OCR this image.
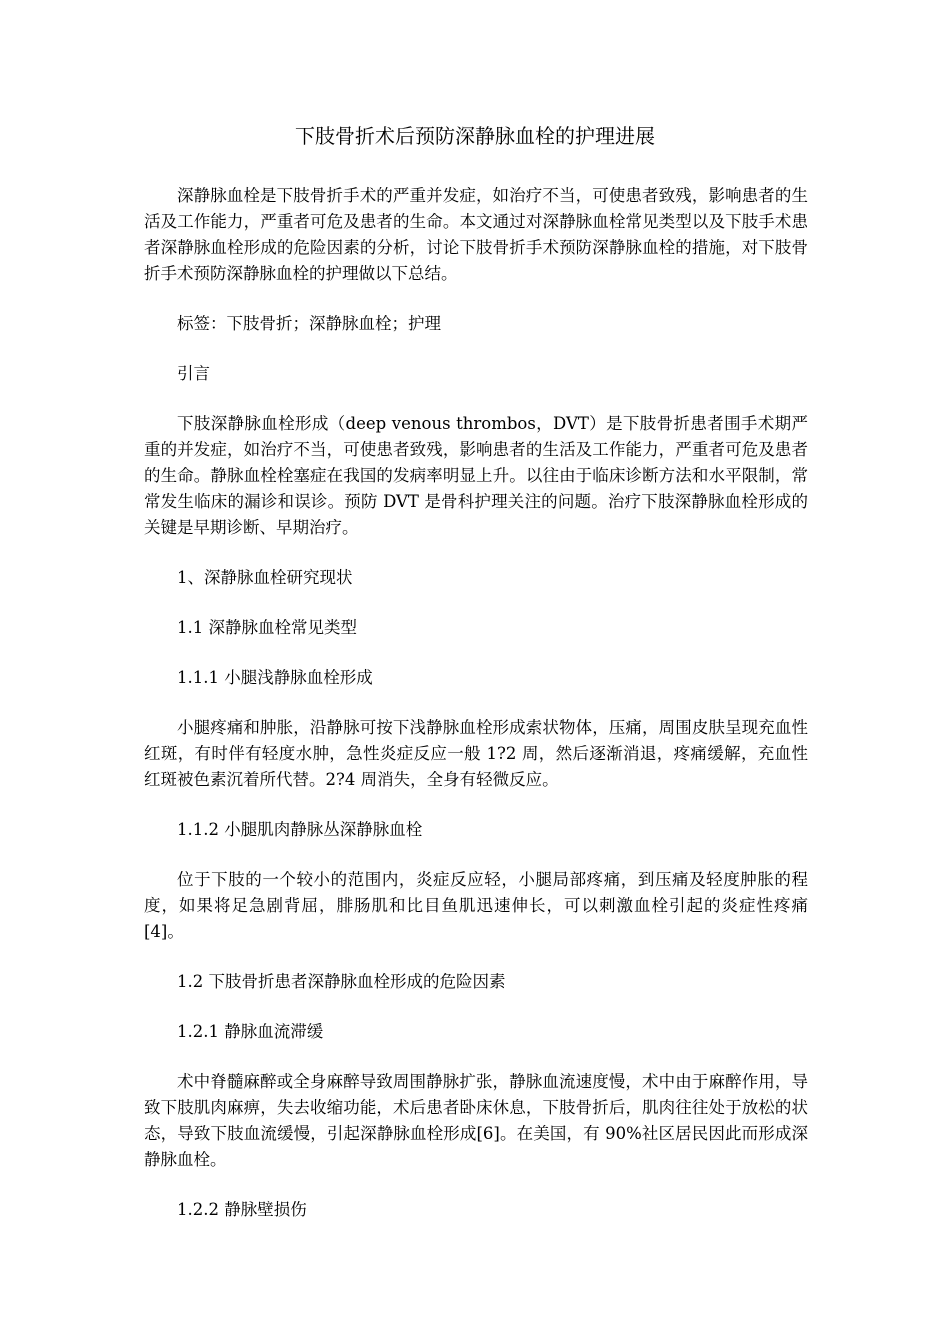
下肢骨折术后预防深静脉血栓的护理进展

深静脉血栓是下肢骨折手术的严重并发症，如治疗不当，可使患者致残，影响患者的生活及工作能力，严重者可危及患者的生命。本文通过对深静脉血栓常见类型以及下肢手术患者深静脉血栓形成的危险因素的分析，讨论下肢骨折手术预防深静脉血栓的措施，对下肢骨折手术预防深静脉血栓的护理做以下总结。

标签：下肢骨折；深静脉血栓；护理

引言

下肢深静脉血栓形成（deep venous thrombos，DVT）是下肢骨折患者围手术期严重的并发症，如治疗不当，可使患者致残，影响患者的生活及工作能力，严重者可危及患者的生命。静脉血栓栓塞症在我国的发病率明显上升。以往由于临床诊断方法和水平限制，常常发生临床的漏诊和误诊。预防 DVT 是骨科护理关注的问题。治疗下肢深静脉血栓形成的关键是早期诊断、早期治疗。

1、深静脉血栓研究现状

1.1 深静脉血栓常见类型

1.1.1 小腿浅静脉血栓形成

小腿疼痛和肿胀，沿静脉可按下浅静脉血栓形成索状物体，压痛，周围皮肤呈现充血性红斑，有时伴有轻度水肿，急性炎症反应一般 1?2 周，然后逐渐消退，疼痛缓解，充血性红斑被色素沉着所代替。2?4 周消失，全身有轻微反应。

1.1.2 小腿肌肉静脉丛深静脉血栓

位于下肢的一个较小的范围内，炎症反应轻，小腿局部疼痛，到压痛及轻度肿胀的程度，如果将足急剧背屈，腓肠肌和比目鱼肌迅速伸长，可以刺激血栓引起的炎症性疼痛[4]。

1.2 下肢骨折患者深静脉血栓形成的危险因素

1.2.1 静脉血流滞缓

术中脊髓麻醉或全身麻醉导致周围静脉扩张，静脉血流速度慢，术中由于麻醉作用，导致下肢肌肉麻痹，失去收缩功能，术后患者卧床休息，下肢骨折后，肌肉往往处于放松的状态，导致下肢血流缓慢，引起深静脉血栓形成[6]。在美国，有 90%社区居民因此而形成深静脉血栓。

1.2.2 静脉壁损伤
